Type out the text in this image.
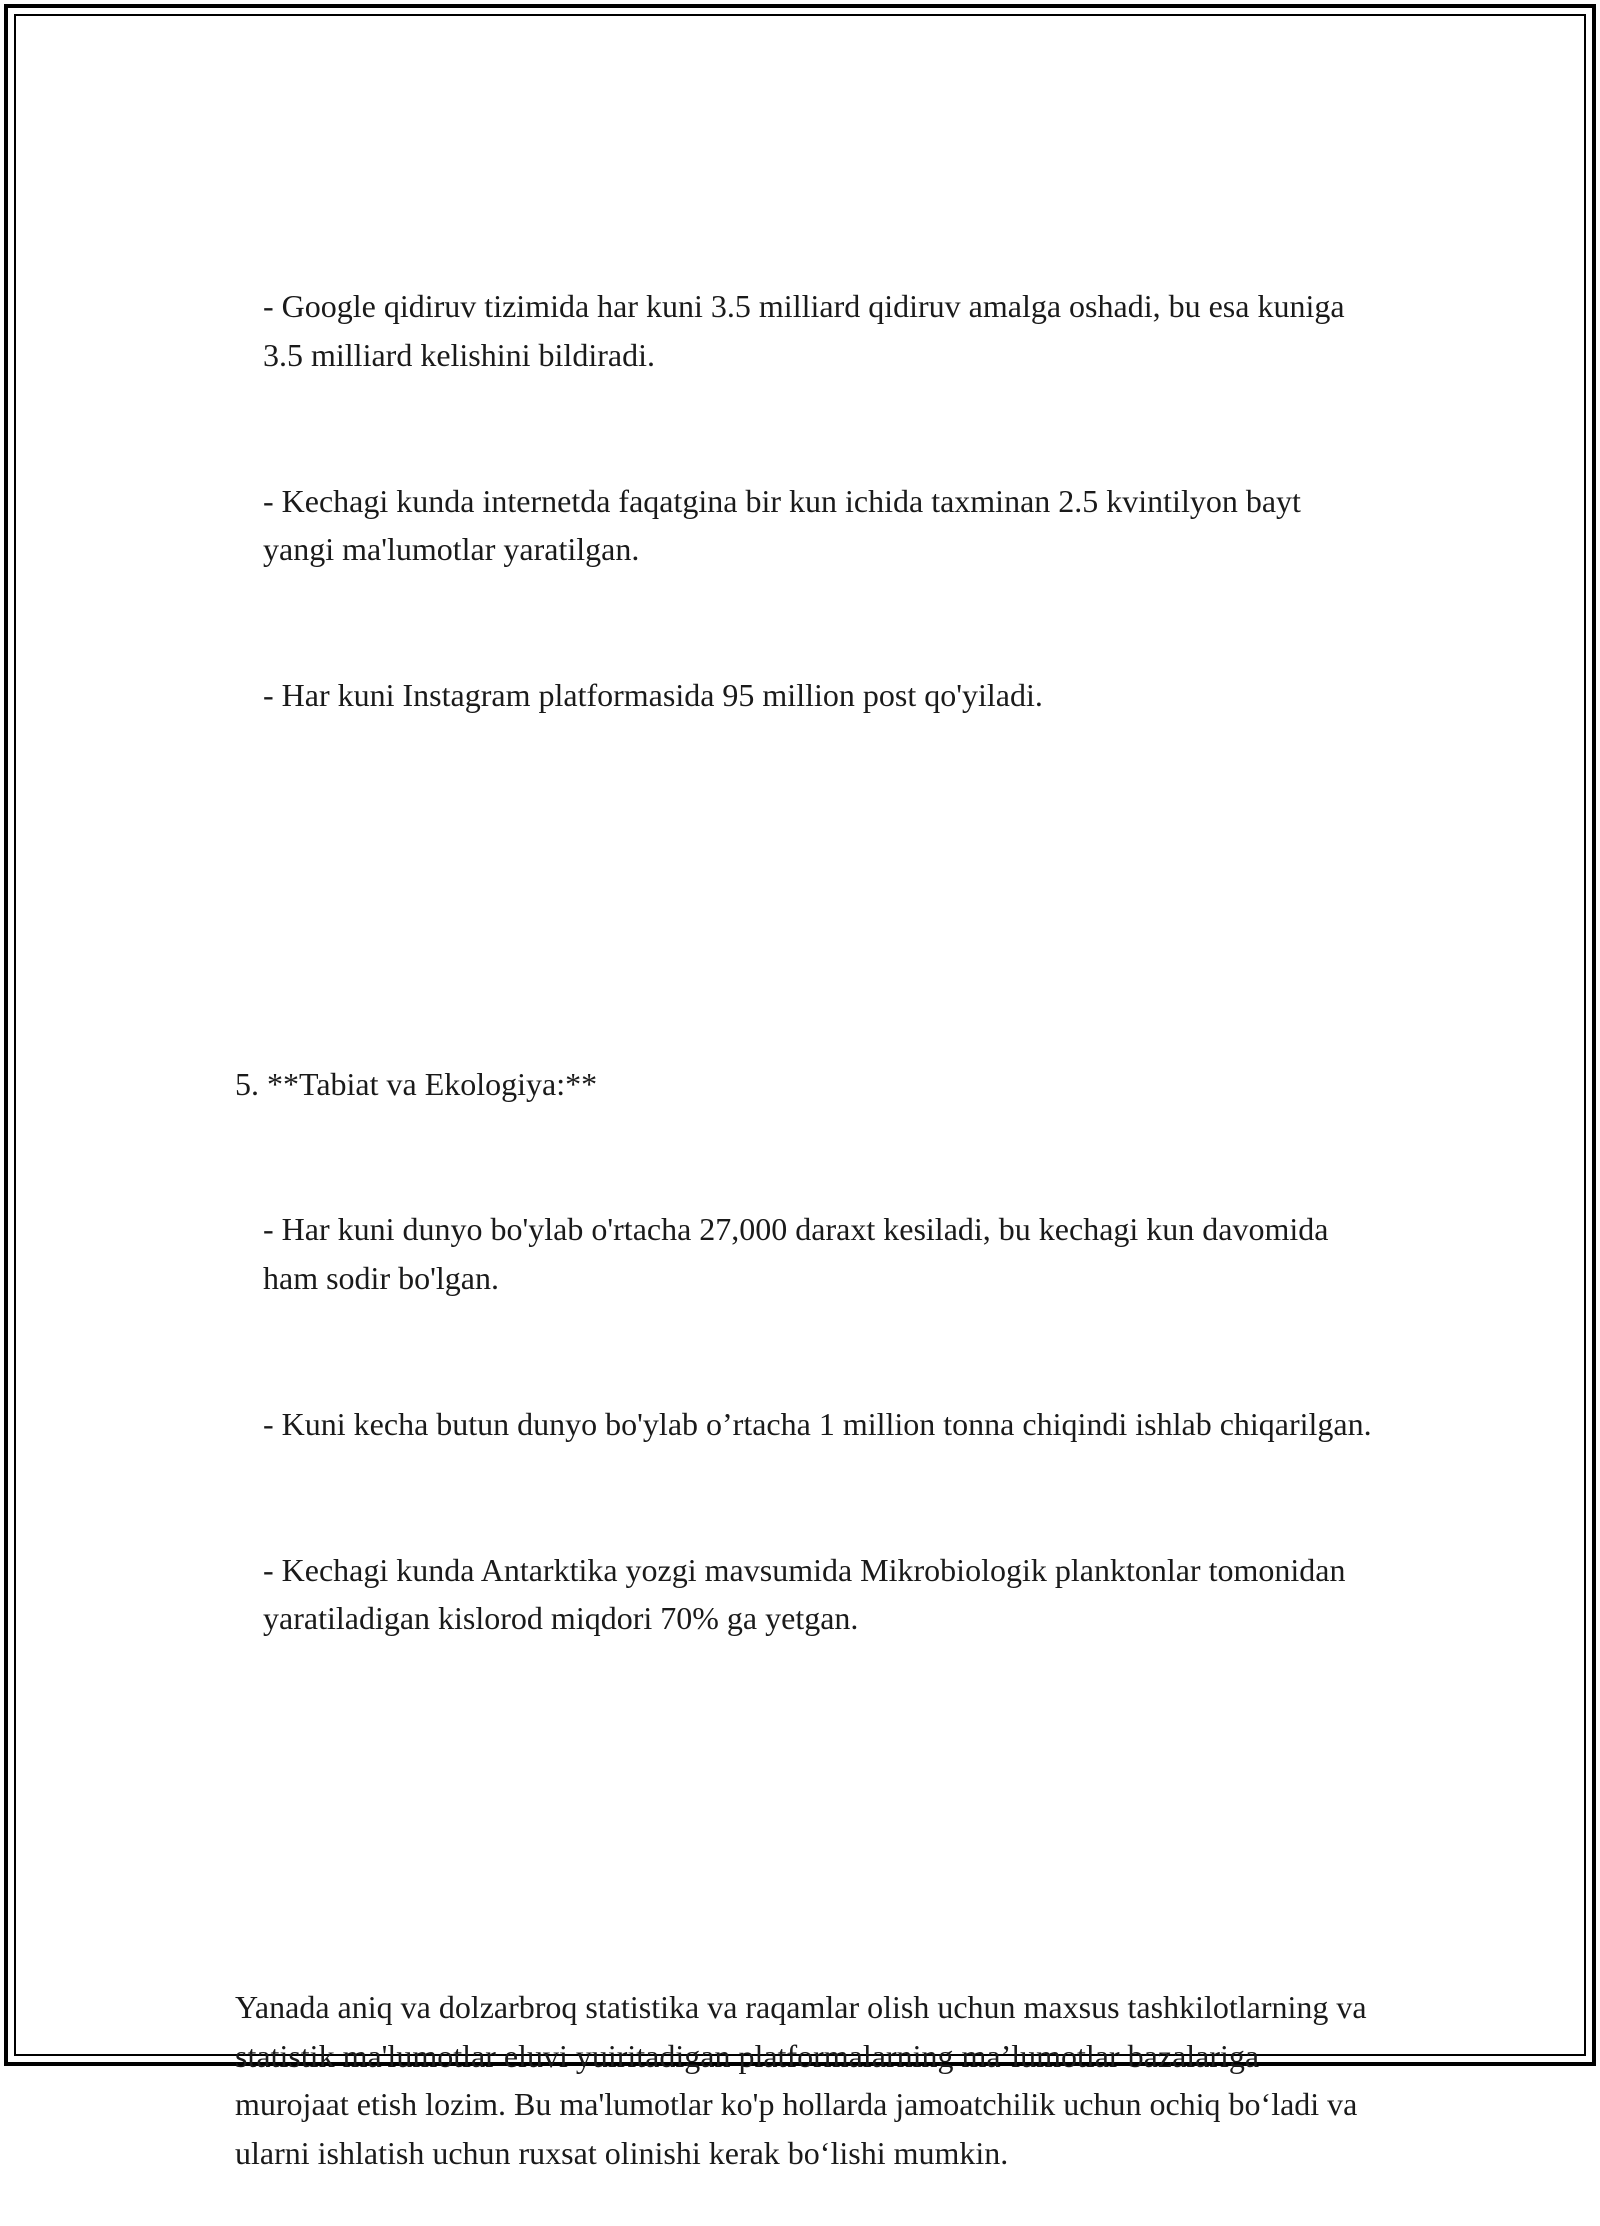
- Google qidiruv tizimida har kuni 3.5 milliard qidiruv amalga oshadi, bu esa kuniga 3.5 milliard kelishini bildiradi.

- Kechagi kunda internetda faqatgina bir kun ichida taxminan 2.5 kvintilyon bayt yangi ma'lumotlar yaratilgan.

- Har kuni Instagram platformasida 95 million post qo'yiladi.

5. **Tabiat va Ekologiya:**

- Har kuni dunyo bo'ylab o'rtacha 27,000 daraxt kesiladi, bu kechagi kun davomida ham sodir bo'lgan.

- Kuni kecha butun dunyo bo'ylab o’rtacha 1 million tonna chiqindi ishlab chiqarilgan.

- Kechagi kunda Antarktika yozgi mavsumida Mikrobiologik planktonlar tomonidan yaratiladigan kislorod miqdori 70% ga yetgan.

Yanada aniq va dolzarbroq statistika va raqamlar olish uchun maxsus tashkilotlarning va statistik ma'lumotlar eluvi yuiritadigan platformalarning ma’lumotlar bazalariga murojaat etish lozim. Bu ma'lumotlar ko'p hollarda jamoatchilik uchun ochiq bo‘ladi va ularni ishlatish uchun ruxsat olinishi kerak bo‘lishi mumkin.
